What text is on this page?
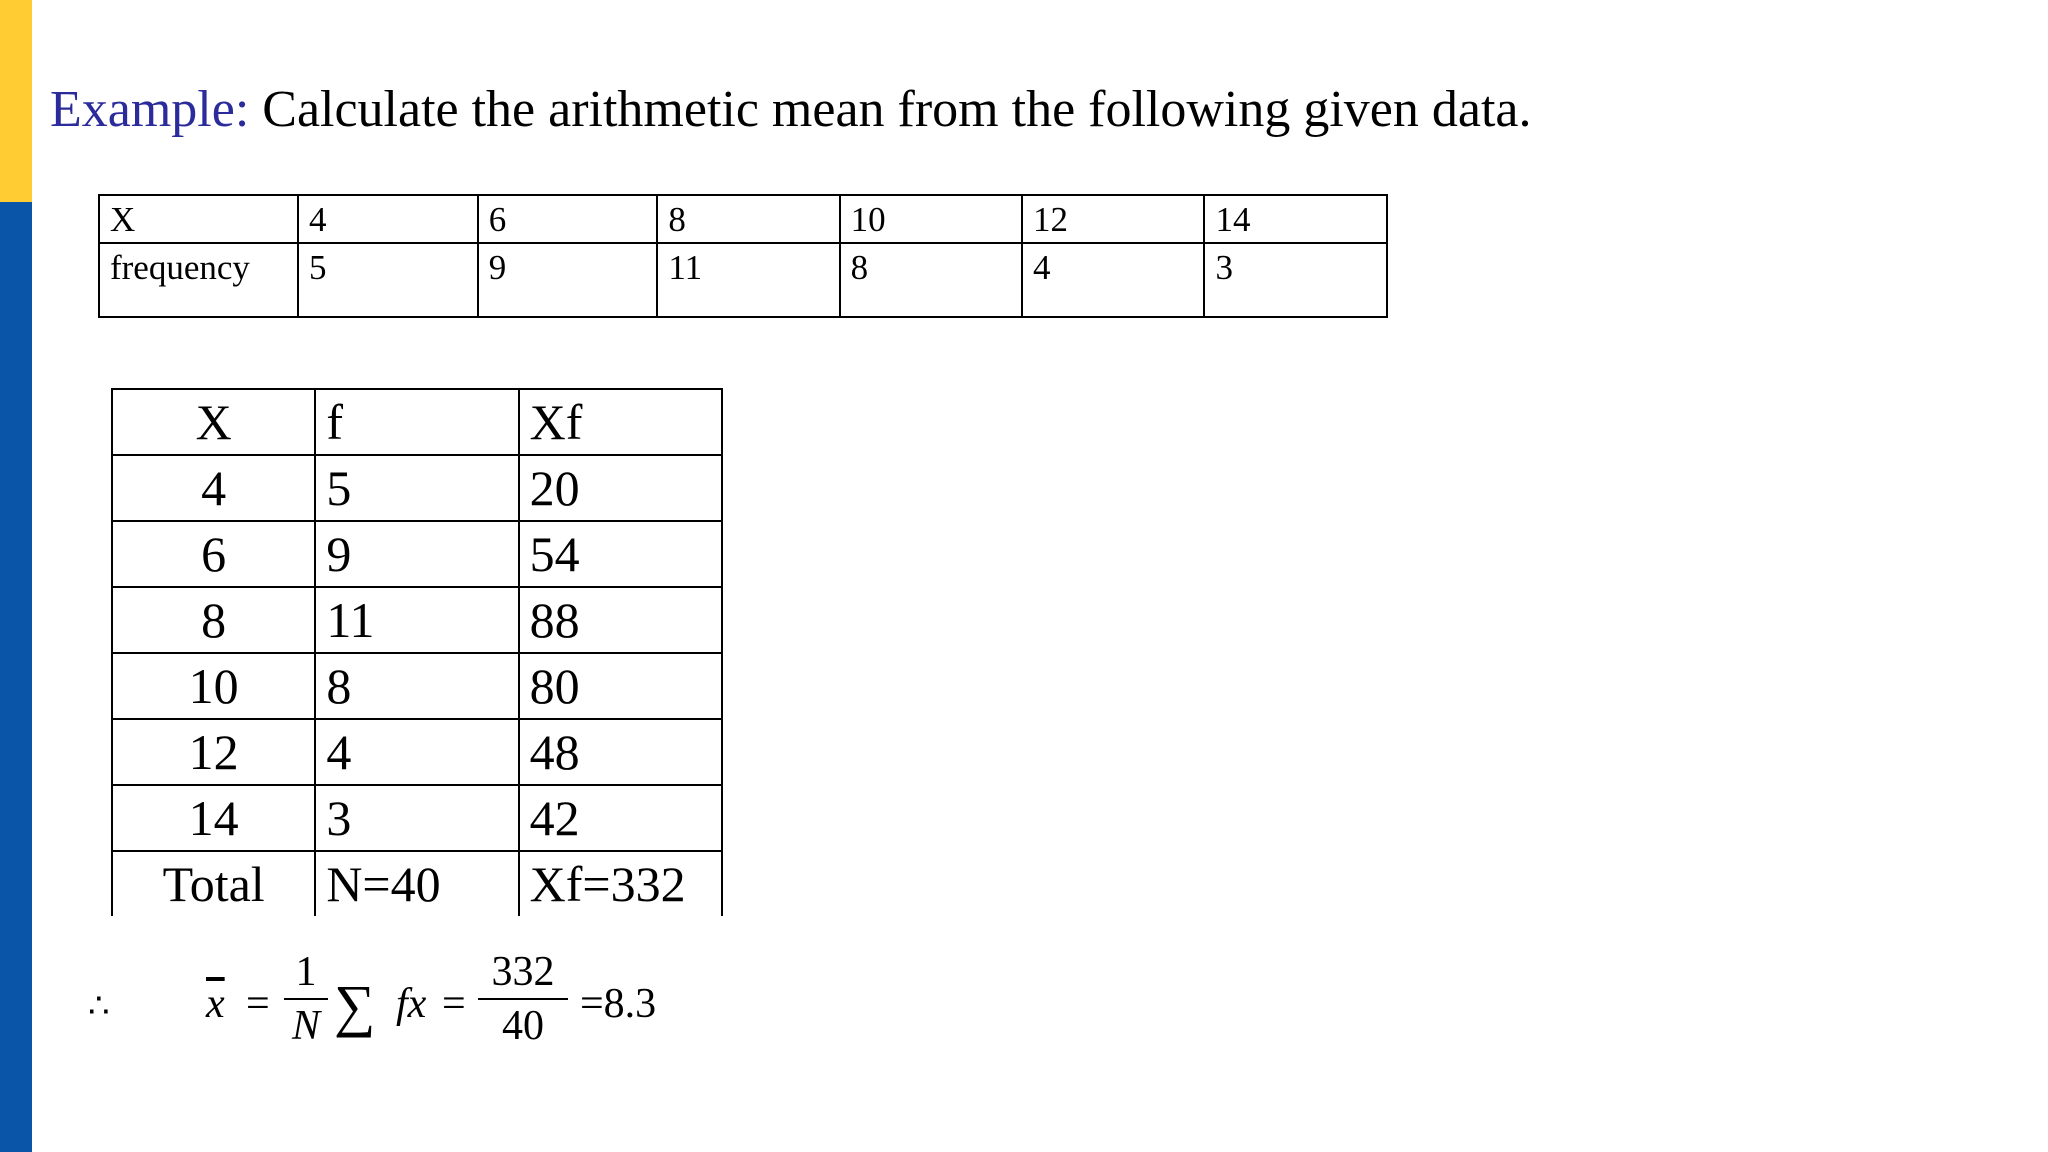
Example: Calculate the arithmetic mean from the following given data.
X	4	6	8	10	12	14
frequency	5	9	11	8	4	3
X	f	Xf
4	5	20
6	9	54
8	11	88
10	8	80
12	4	48
14	3	42
Total	N=40	Xf=332
∴ $\overline{x}$ =
1
N ∑ fx =
332
40 =8.3
